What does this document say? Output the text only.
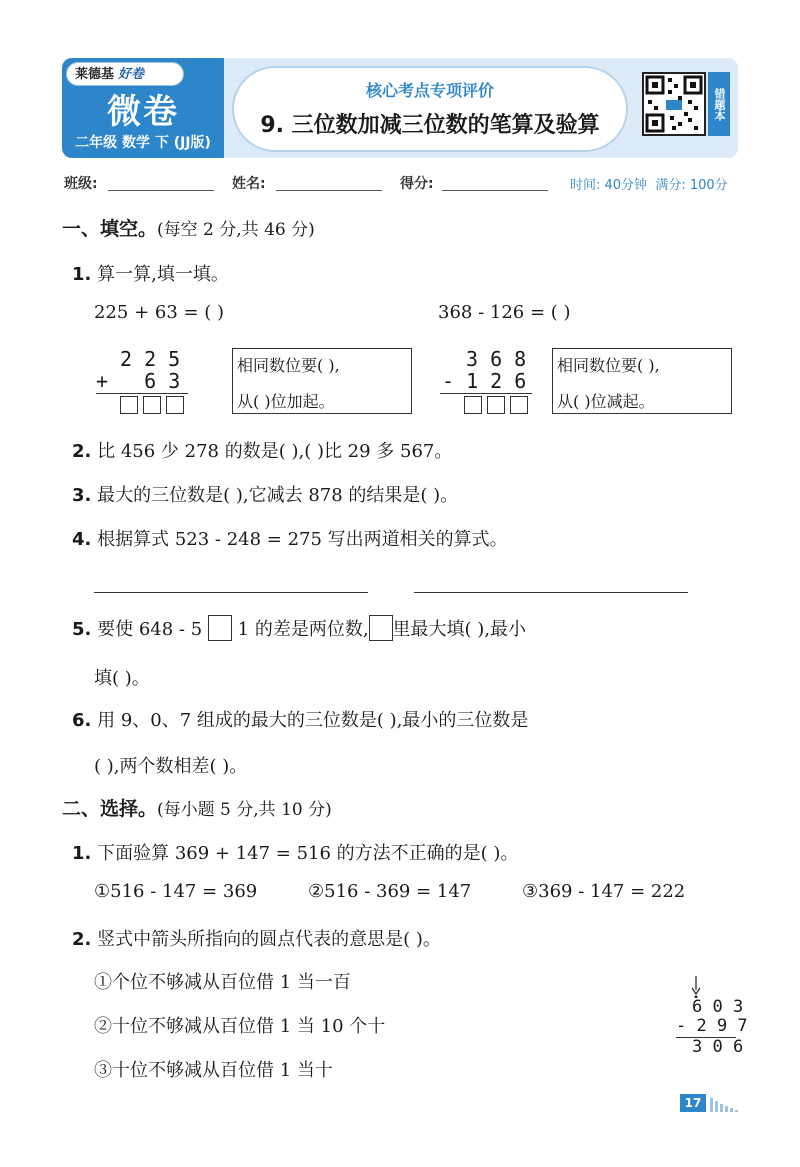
莱德基 好卷
微卷
二年级 数学 下 (JJ版)
核心考点专项评价
9. 三位数加减三位数的笔算及验算
错题本
班级:	姓名:	得分:	时间: 40分钟 满分: 100分
一、填空。(每空 2 分,共 46 分)
1. 算一算,填一填。
225 + 63 = ( )	368 - 126 = ( )
2 2 5
+   6 3
相同数位要( ),
从( )位加起。
3 6 8
- 1 2 6
相同数位要( ),
从( )位减起。
2. 比 456 少 278 的数是( ),( )比 29 多 567。
3. 最大的三位数是( ),它减去 878 的结果是( )。
4. 根据算式 523 - 248 = 275 写出两道相关的算式。
5. 要使 648 - 5 1 的差是两位数, 里最大填( ),最小
填( )。
6. 用 9、0、7 组成的最大的三位数是( ),最小的三位数是
( ),两个数相差( )。
二、选择。(每小题 5 分,共 10 分)
1. 下面验算 369 + 147 = 516 的方法不正确的是( )。
①516 - 147 = 369	②516 - 369 = 147	③369 - 147 = 222
2. 竖式中箭头所指向的圆点代表的意思是( )。
①个位不够减从百位借 1 当一百
②十位不够减从百位借 1 当 10 个十
③十位不够减从百位借 1 当十
6 0 3
- 2 9 7
3 0 6
17
